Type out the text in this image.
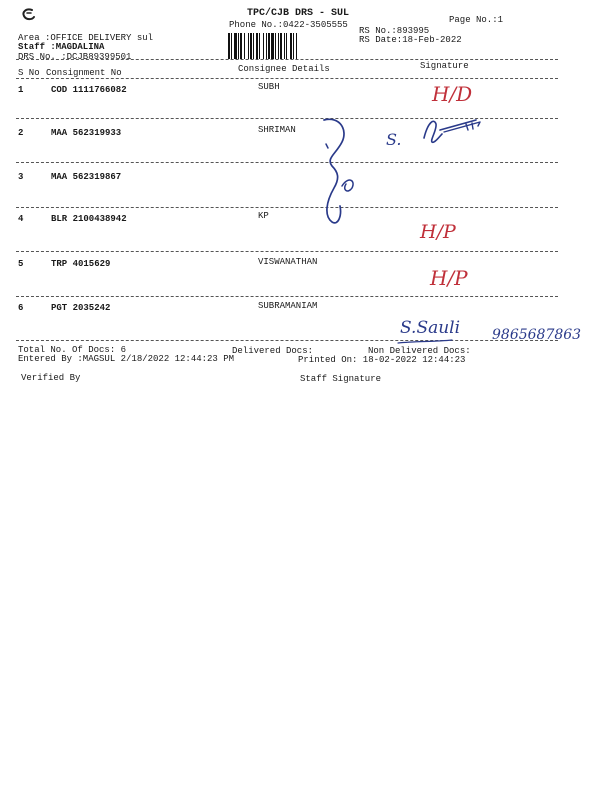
TPC/CJB DRS - SUL
Phone No.:0422-3505555	Page No.:1
Area :OFFICE DELIVERY sul
Staff :MAGDALINA
DRS No. :DCJB89399501
RS No.:893995
RS Date:18-Feb-2022
Signature
Consignee Details
S No Consignment No
1	COD 1111766082	SUBH
2	MAA 562319933	SHRIMAN
3	MAA 562319867
4	BLR 2100438942	KP
5	TRP 4015629	VISWANATHAN
6	PGT 2035242	SUBRAMANIAM
Total No. Of Docs: 6	Delivered Docs:	Non Delivered Docs:
Entered By :MAGSUL 2/18/2022 12:44:23 PM	Printed On: 18-02-2022 12:44:23
Verified By	Staff Signature
H/D
H/P
H/P
S.
S.Sauli 9865687863
